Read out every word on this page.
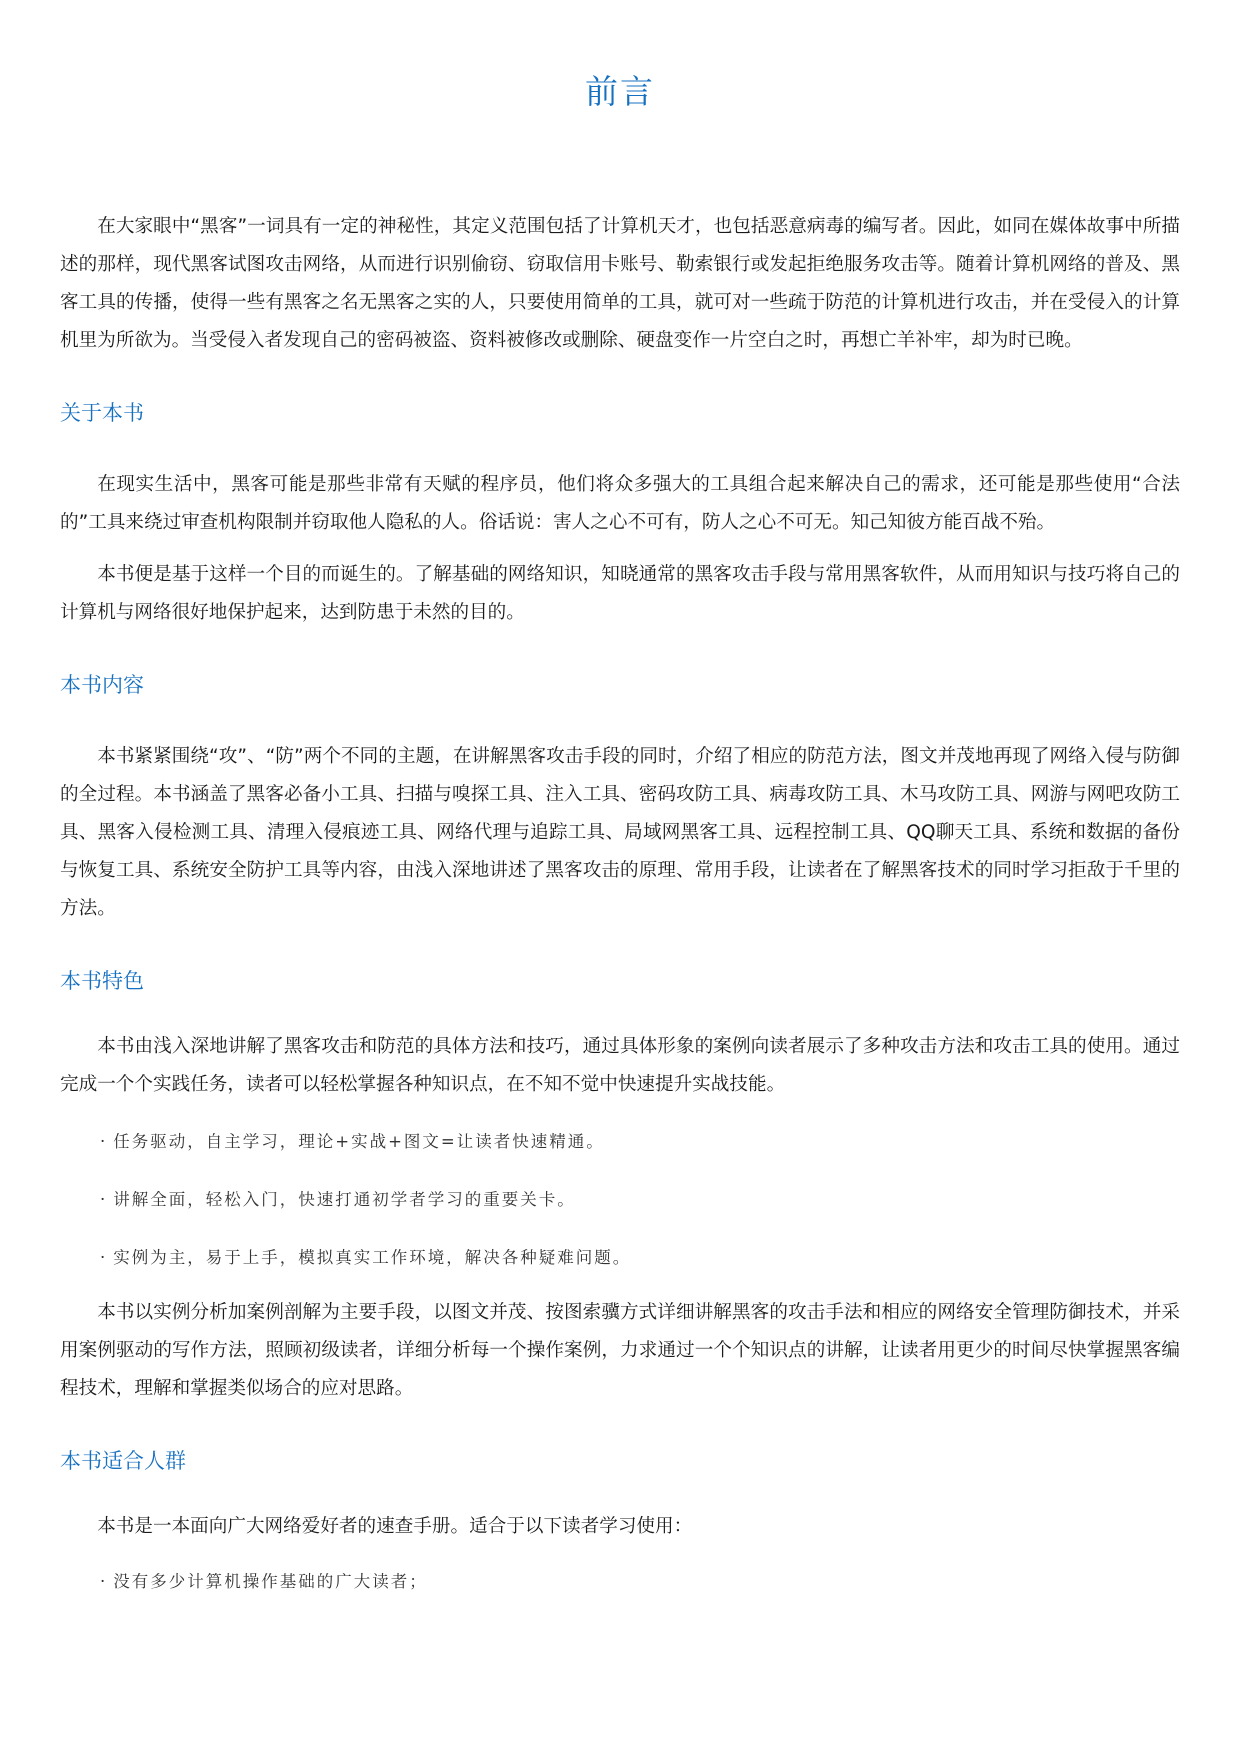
前言

在大家眼中“黑客”一词具有一定的神秘性，其定义范围包括了计算机天才，也包括恶意病毒的编写者。因此，如同在媒体故事中所描述的那样，现代黑客试图攻击网络，从而进行识别偷窃、窃取信用卡账号、勒索银行或发起拒绝服务攻击等。随着计算机网络的普及、黑客工具的传播，使得一些有黑客之名无黑客之实的人，只要使用简单的工具，就可对一些疏于防范的计算机进行攻击，并在受侵入的计算机里为所欲为。当受侵入者发现自己的密码被盗、资料被修改或删除、硬盘变作一片空白之时，再想亡羊补牢，却为时已晚。

关于本书

在现实生活中，黑客可能是那些非常有天赋的程序员，他们将众多强大的工具组合起来解决自己的需求，还可能是那些使用“合法的”工具来绕过审查机构限制并窃取他人隐私的人。俗话说：害人之心不可有，防人之心不可无。知己知彼方能百战不殆。

本书便是基于这样一个目的而诞生的。了解基础的网络知识，知晓通常的黑客攻击手段与常用黑客软件，从而用知识与技巧将自己的计算机与网络很好地保护起来，达到防患于未然的目的。

本书内容

本书紧紧围绕“攻”、“防”两个不同的主题，在讲解黑客攻击手段的同时，介绍了相应的防范方法，图文并茂地再现了网络入侵与防御的全过程。本书涵盖了黑客必备小工具、扫描与嗅探工具、注入工具、密码攻防工具、病毒攻防工具、木马攻防工具、网游与网吧攻防工具、黑客入侵检测工具、清理入侵痕迹工具、网络代理与追踪工具、局域网黑客工具、远程控制工具、QQ聊天工具、系统和数据的备份与恢复工具、系统安全防护工具等内容，由浅入深地讲述了黑客攻击的原理、常用手段，让读者在了解黑客技术的同时学习拒敌于千里的方法。

本书特色

本书由浅入深地讲解了黑客攻击和防范的具体方法和技巧，通过具体形象的案例向读者展示了多种攻击方法和攻击工具的使用。通过完成一个个实践任务，读者可以轻松掌握各种知识点，在不知不觉中快速提升实战技能。

· 任务驱动，自主学习，理论+实战+图文=让读者快速精通。

· 讲解全面，轻松入门，快速打通初学者学习的重要关卡。

· 实例为主，易于上手，模拟真实工作环境，解决各种疑难问题。

本书以实例分析加案例剖解为主要手段，以图文并茂、按图索骥方式详细讲解黑客的攻击手法和相应的网络安全管理防御技术，并采用案例驱动的写作方法，照顾初级读者，详细分析每一个操作案例，力求通过一个个知识点的讲解，让读者用更少的时间尽快掌握黑客编程技术，理解和掌握类似场合的应对思路。

本书适合人群

本书是一本面向广大网络爱好者的速查手册。适合于以下读者学习使用：

· 没有多少计算机操作基础的广大读者；
